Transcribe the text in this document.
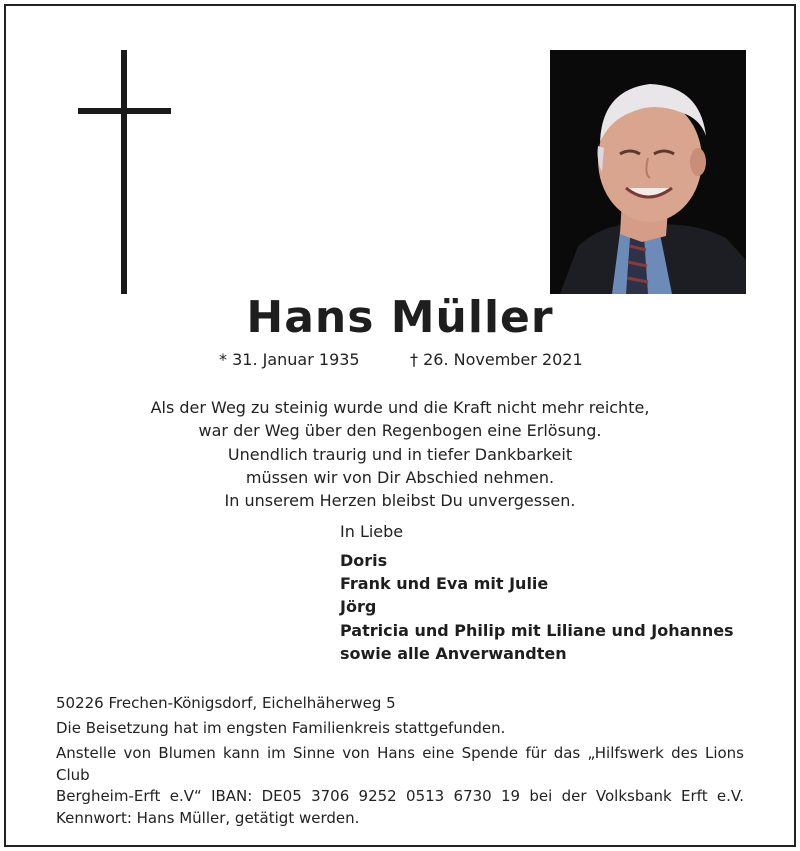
Hans Müller
* 31. Januar 1935	† 26. November 2021
Als der Weg zu steinig wurde und die Kraft nicht mehr reichte,
war der Weg über den Regenbogen eine Erlösung.
Unendlich traurig und in tiefer Dankbarkeit
müssen wir von Dir Abschied nehmen.
In unserem Herzen bleibst Du unvergessen.
In Liebe
Doris
Frank und Eva mit Julie
Jörg
Patricia und Philip mit Liliane und Johannes
sowie alle Anverwandten
50226 Frechen-Königsdorf, Eichelhäherweg 5
Die Beisetzung hat im engsten Familienkreis stattgefunden.
Anstelle von Blumen kann im Sinne von Hans eine Spende für das „Hilfswerk des Lions Club
Bergheim-Erft e.V“ IBAN: DE05 3706 9252 0513 6730 19 bei der Volksbank Erft e.V.
Kennwort: Hans Müller, getätigt werden.
